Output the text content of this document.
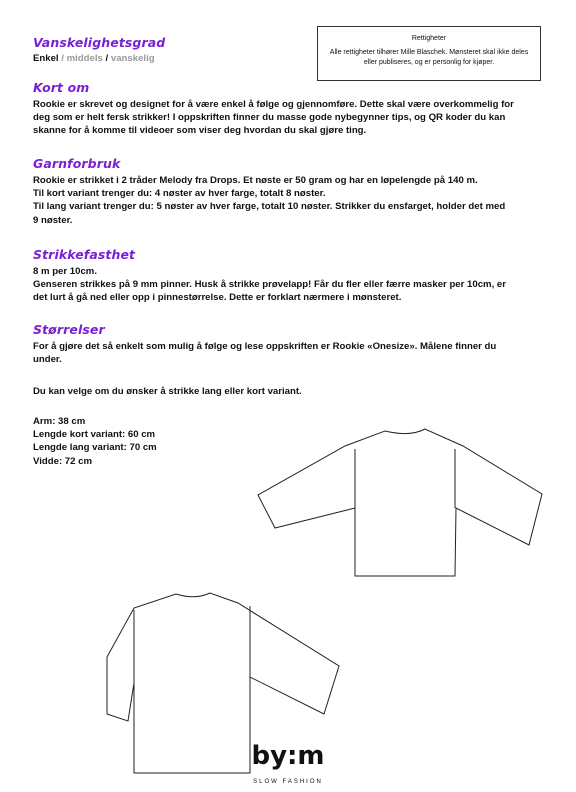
Rettigheter
Alle rettigheter tilhører Mille Blaschek. Mønsteret skal ikke deles eller publiseres, og er personlig for kjøper.
Vanskelighetsgrad
Enkel / middels / vanskelig
Kort om
Rookie er skrevet og designet for å være enkel å følge og gjennomføre. Dette skal være overkommelig for
deg som er helt fersk strikker! I oppskriften finner du masse gode nybegynner tips, og QR koder du kan
skanne for å komme til videoer som viser deg hvordan du skal gjøre ting.
Garnforbruk
Rookie er strikket i 2 tråder Melody fra Drops. Et nøste er 50 gram og har en løpelengde på 140 m.
Til kort variant trenger du: 4 nøster av hver farge, totalt 8 nøster.
Til lang variant trenger du: 5 nøster av hver farge, totalt 10 nøster. Strikker du ensfarget, holder det med
9 nøster.
Strikkefasthet
8 m per 10cm.
Genseren strikkes på 9 mm pinner. Husk å strikke prøvelapp! Får du fler eller færre masker per 10cm, er
det lurt å gå ned eller opp i pinnestørrelse. Dette er forklart nærmere i mønsteret.
Størrelser
For å gjøre det så enkelt som mulig å følge og lese oppskriften er Rookie «Onesize». Målene finner du
under.
Du kan velge om du ønsker å strikke lang eller kort variant.
Arm: 38 cm
Lengde kort variant: 60 cm
Lengde lang variant: 70 cm
Vidde: 72 cm
by:m
SLOW FASHION
